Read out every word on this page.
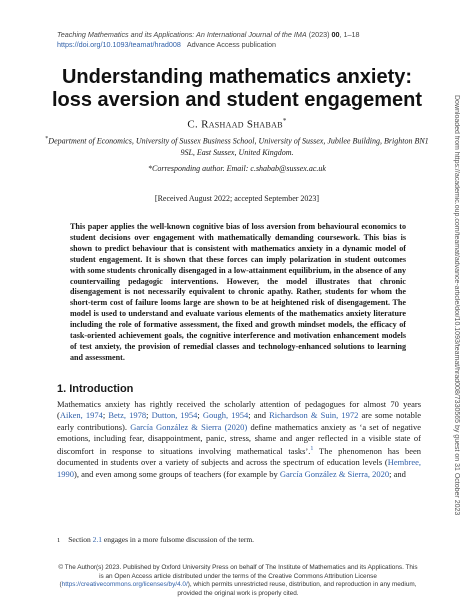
Teaching Mathematics and its Applications: An International Journal of the IMA (2023) 00, 1–18
https://doi.org/10.1093/teamat/hrad008 Advance Access publication
Understanding mathematics anxiety: loss aversion and student engagement
C. Rashaad Shabab*
*Department of Economics, University of Sussex Business School, University of Sussex, Jubilee Building, Brighton BN1 9SL, East Sussex, United Kingdom.
*Corresponding author. Email: c.shabab@sussex.ac.uk
[Received August 2022; accepted September 2023]
This paper applies the well-known cognitive bias of loss aversion from behavioural economics to student decisions over engagement with mathematically demanding coursework. This bias is shown to predict behaviour that is consistent with mathematics anxiety in a dynamic model of student engagement. It is shown that these forces can imply polarization in student outcomes with some students chronically disengaged in a low-attainment equilibrium, in the absence of any countervailing pedagogic interventions. However, the model illustrates that chronic disengagement is not necessarily equivalent to chronic apathy. Rather, students for whom the short-term cost of failure looms large are shown to be at heightened risk of disengagement. The model is used to understand and evaluate various elements of the mathematics anxiety literature including the role of formative assessment, the fixed and growth mindset models, the efficacy of task-oriented achievement goals, the cognitive interference and motivation enhancement models of test anxiety, the provision of remedial classes and technology-enhanced solutions to learning and assessment.	Downloaded from https://academic.oup.com/teamat/advance-article/doi/10.1093/teamat/hrad008/7330565 by guest on 31 October 2023
1. Introduction
Mathematics anxiety has rightly received the scholarly attention of pedagogues for almost 70 years (Aiken, 1974; Betz, 1978; Dutton, 1954; Gough, 1954; and Richardson & Suin, 1972 are some notable early contributions). García González & Sierra (2020) define mathematics anxiety as ‘a set of negative emotions, including fear, disappointment, panic, stress, shame and anger reflected in a visible state of discomfort in response to situations involving mathematical tasks’.$^1$ The phenomenon has been documented in students over a variety of subjects and across the spectrum of education levels (Hembree, 1990), and even among some groups of teachers (for example by García González & Sierra, 2020; and
1 Section 2.1 engages in a more fulsome discussion of the term.
© The Author(s) 2023. Published by Oxford University Press on behalf of The Institute of Mathematics and its Applications. This is an Open Access article distributed under the terms of the Creative Commons Attribution License (https://creativecommons.org/licenses/by/4.0/), which permits unrestricted reuse, distribution, and reproduction in any medium, provided the original work is properly cited.
